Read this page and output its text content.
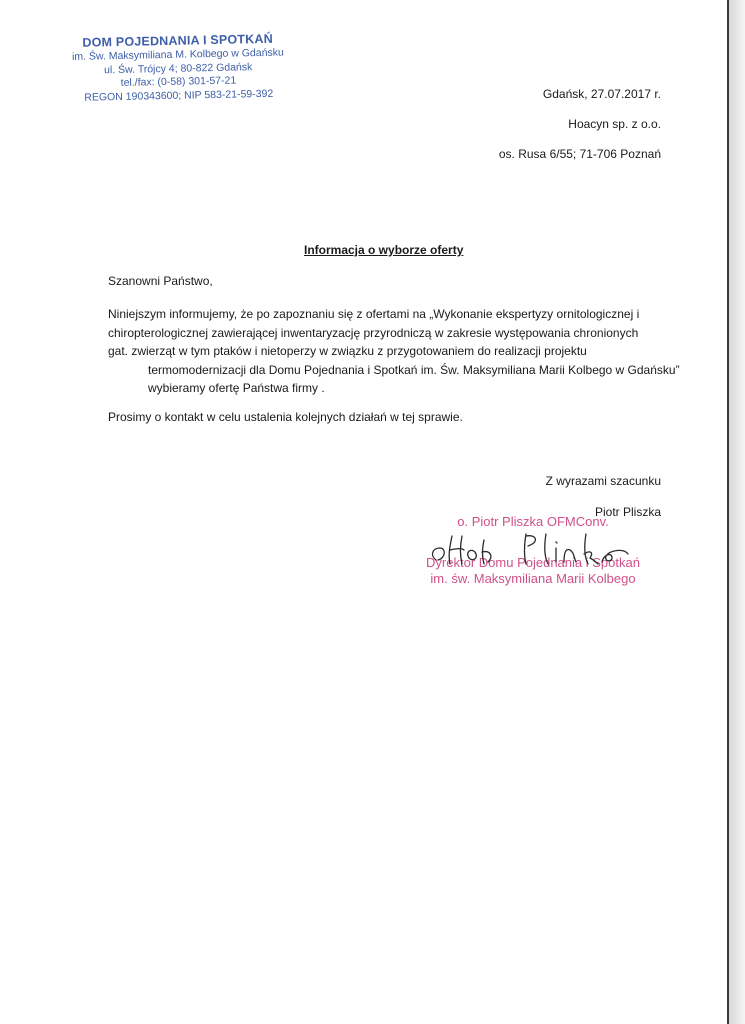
DOM POJEDNANIA I SPOTKAŃ
im. Św. Maksymiliana M. Kolbego w Gdańsku
ul. Św. Trójcy 4; 80-822 Gdańsk
tel./fax: (0-58) 301-57-21
REGON 190343600; NIP 583-21-59-392	Gdańsk, 27.07.2017 r.
Hoacyn sp. z o.o.
os. Rusa 6/55; 71-706 Poznań
Informacja o wyborze oferty
Szanowni Państwo,
Niniejszym informujemy, że po zapoznaniu się z ofertami na „Wykonanie ekspertyzy ornitologicznej i
chiropterologicznej zawierającej inwentaryzację przyrodniczą w zakresie występowania chronionych
gat. zwierząt w tym ptaków i nietoperzy w związku z przygotowaniem do realizacji projektu
termomodernizacji dla Domu Pojednania i Spotkań im. Św. Maksymiliana Marii Kolbego w Gdańsku”
wybieramy ofertę Państwa firmy .
Prosimy o kontakt w celu ustalenia kolejnych działań w tej sprawie.
Z wyrazami szacunku
Piotr Pliszka
o. Piotr Pliszka OFMConv.
Dyrektor Domu Pojednania i Spotkań
im. św. Maksymiliana Marii Kolbego
